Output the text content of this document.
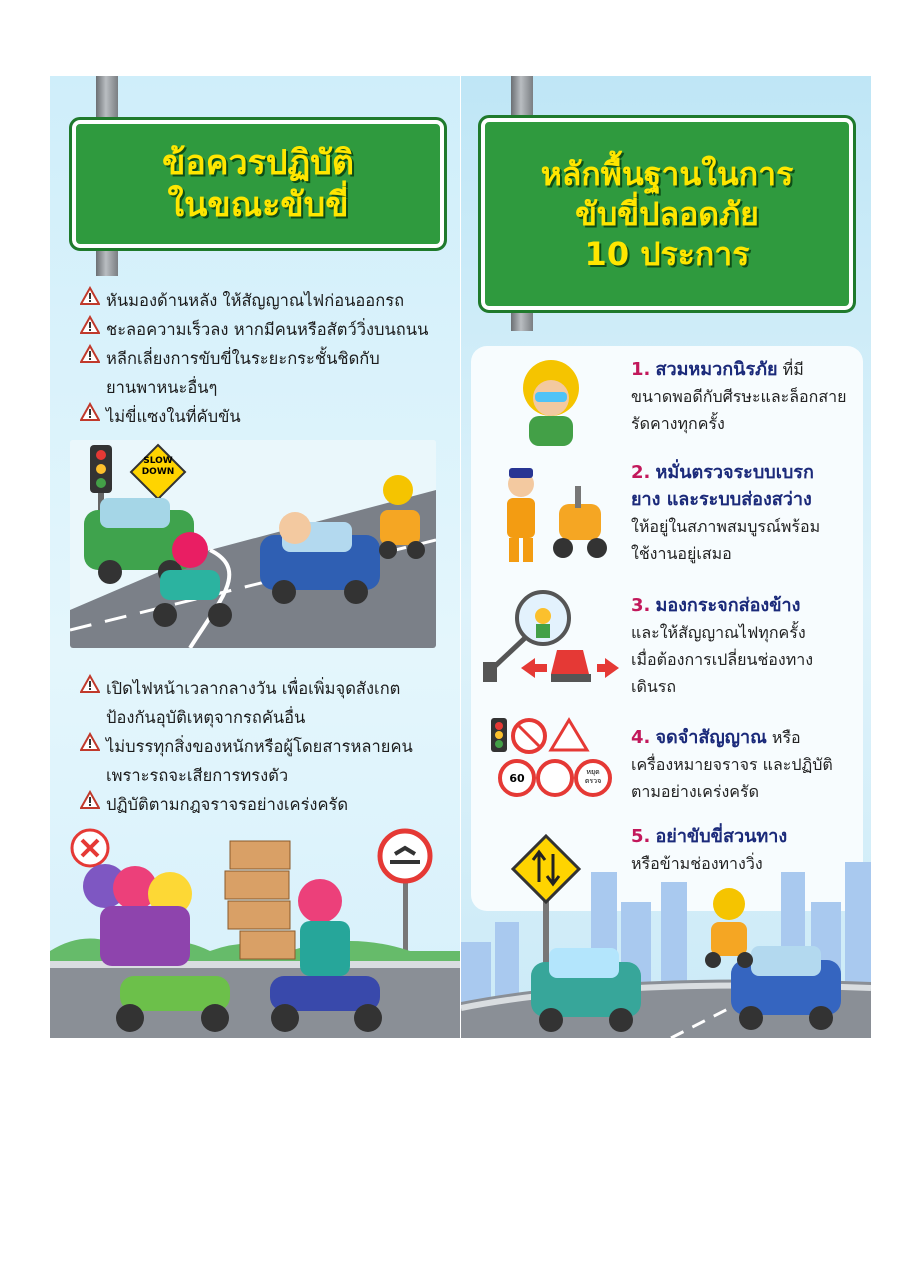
ข้อควรปฏิบัติ
ในขณะขับขี่
หันมองด้านหลัง ให้สัญญาณไฟก่อนออกรถ
ชะลอความเร็วลง หากมีคนหรือสัตว์วิ่งบนถนน
หลีกเลี่ยงการขับขี่ในระยะกระชั้นชิดกับ
ยานพาหนะอื่นๆ
ไม่ขี่แซงในที่คับขัน
SLOW
DOWN
เปิดไฟหน้าเวลากลางวัน เพื่อเพิ่มจุดสังเกต
ป้องกันอุบัติเหตุจากรถคันอื่น
ไม่บรรทุกสิ่งของหนักหรือผู้โดยสารหลายคน
เพราะรถจะเสียการทรงตัว
ปฏิบัติตามกฎจราจรอย่างเคร่งครัด
หลักพื้นฐานในการ
ขับขี่ปลอดภัย
10 ประการ
1. สวมหมวกนิรภัย ที่มี
ขนาดพอดีกับศีรษะและล็อกสาย
รัดคางทุกครั้ง
2. หมั่นตรวจระบบเบรก
ยาง และระบบส่องสว่าง
ให้อยู่ในสภาพสมบูรณ์พร้อม
ใช้งานอยู่เสมอ
3. มองกระจกส่องข้าง
และให้สัญญาณไฟทุกครั้ง
เมื่อต้องการเปลี่ยนช่องทาง
เดินรถ
60	หยุด
ตรวจ
4. จดจำสัญญาณ หรือ
เครื่องหมายจราจร และปฏิบัติ
ตามอย่างเคร่งครัด
5. อย่าขับขี่สวนทาง
หรือข้ามช่องทางวิ่ง
